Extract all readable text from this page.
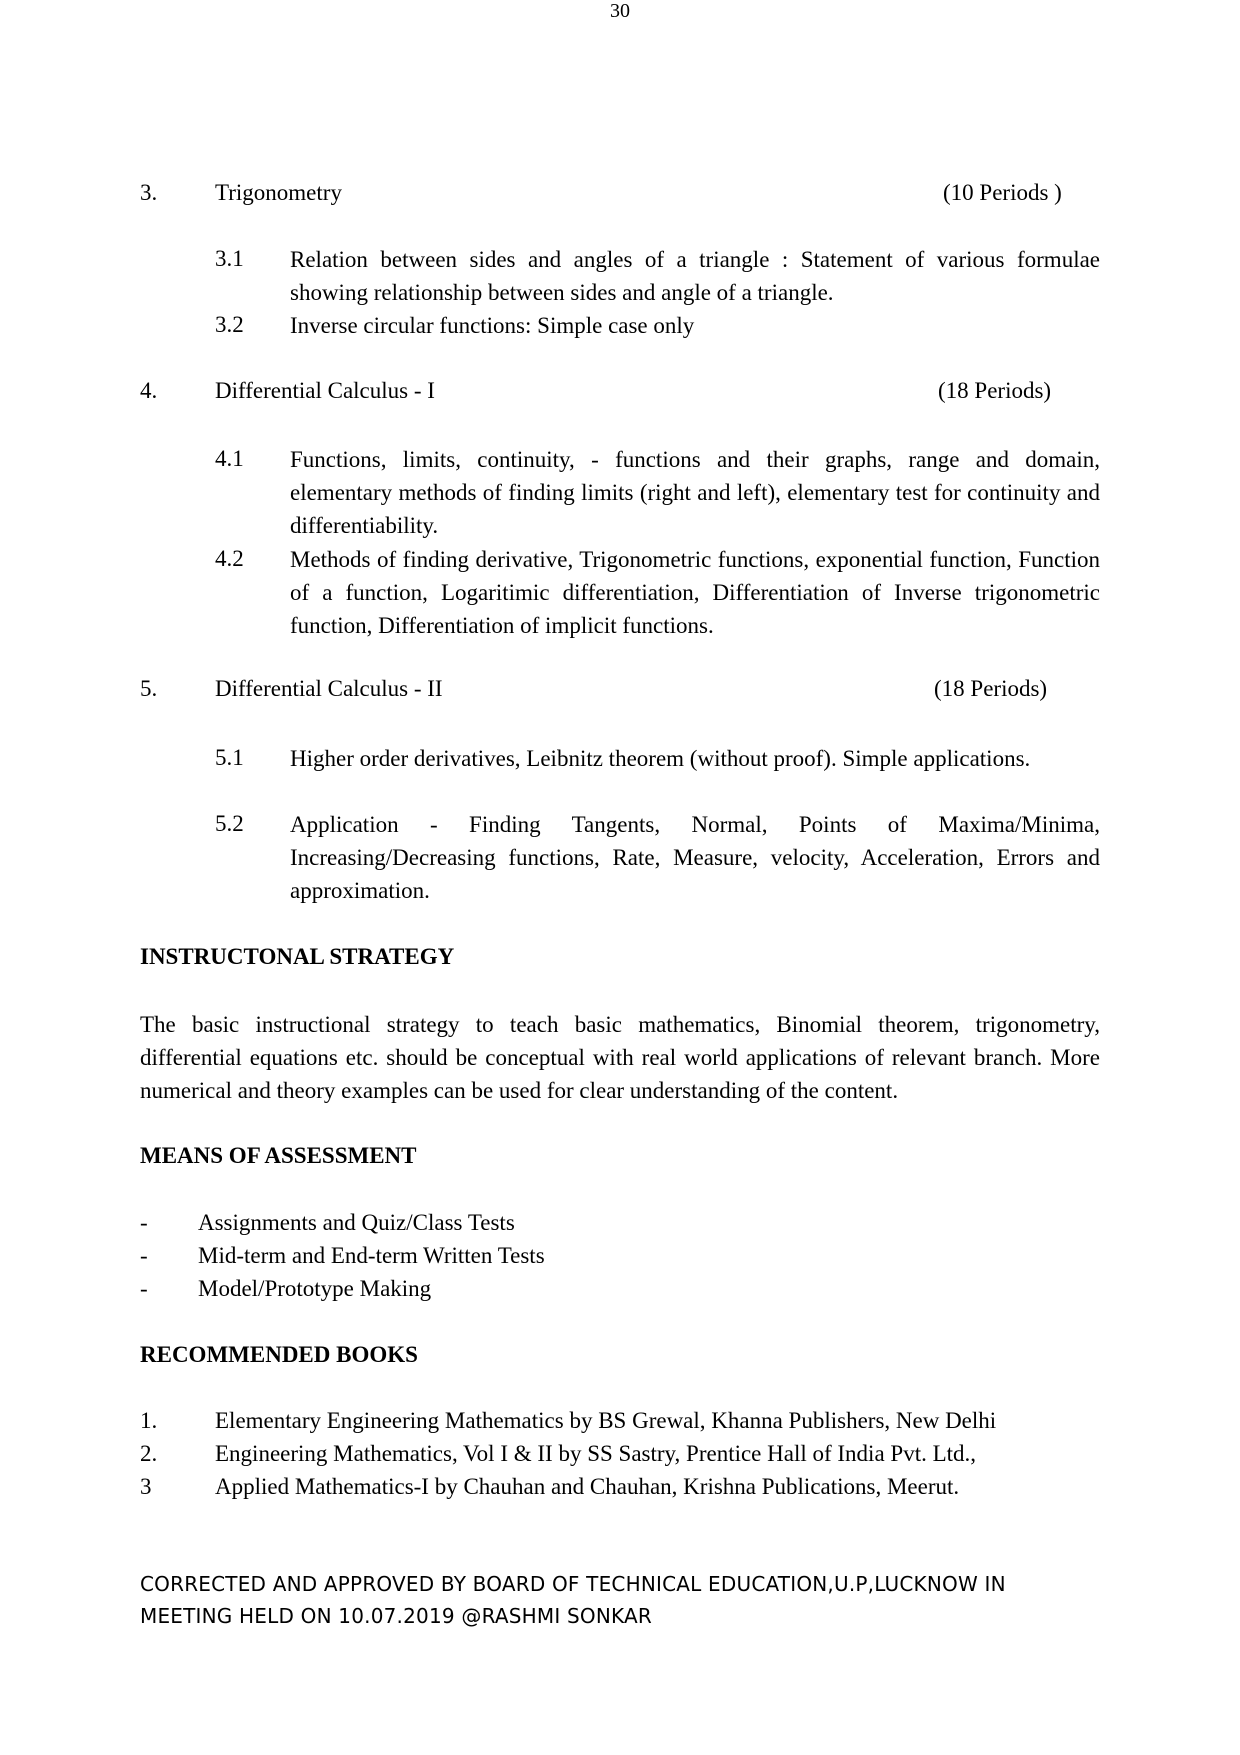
30
3.	Trigonometry	(10 Periods )
3.1 Relation between sides and angles of a triangle : Statement of various formulae showing relationship between sides and angle of a triangle.
3.2 Inverse circular functions: Simple case only
4.	Differential Calculus - I	(18 Periods)
4.1 Functions, limits, continuity, - functions and their graphs, range and domain, elementary methods of finding limits (right and left), elementary test for continuity and differentiability.
4.2 Methods of finding derivative, Trigonometric functions, exponential function, Function of a function, Logaritimic differentiation, Differentiation of Inverse trigonometric function, Differentiation of implicit functions.
5.	Differential Calculus - II	(18 Periods)
5.1 Higher order derivatives, Leibnitz theorem (without proof). Simple applications.
5.2 Application - Finding Tangents, Normal, Points of Maxima/Minima, Increasing/Decreasing functions, Rate, Measure, velocity, Acceleration, Errors and approximation.
INSTRUCTONAL STRATEGY
The basic instructional strategy to teach basic mathematics, Binomial theorem, trigonometry, differential equations etc. should be conceptual with real world applications of relevant branch. More numerical and theory examples can be used for clear understanding of the content.
MEANS OF ASSESSMENT
- Assignments and Quiz/Class Tests
- Mid-term and End-term Written Tests
- Model/Prototype Making
RECOMMENDED BOOKS
1.	Elementary Engineering Mathematics by BS Grewal, Khanna Publishers, New Delhi
2.	Engineering Mathematics, Vol I & II by SS Sastry, Prentice Hall of India Pvt. Ltd.,
3	Applied Mathematics-I by Chauhan and Chauhan, Krishna Publications, Meerut.
CORRECTED AND APPROVED BY BOARD OF TECHNICAL EDUCATION,U.P,LUCKNOW IN MEETING HELD ON 10.07.2019 @RASHMI SONKAR
